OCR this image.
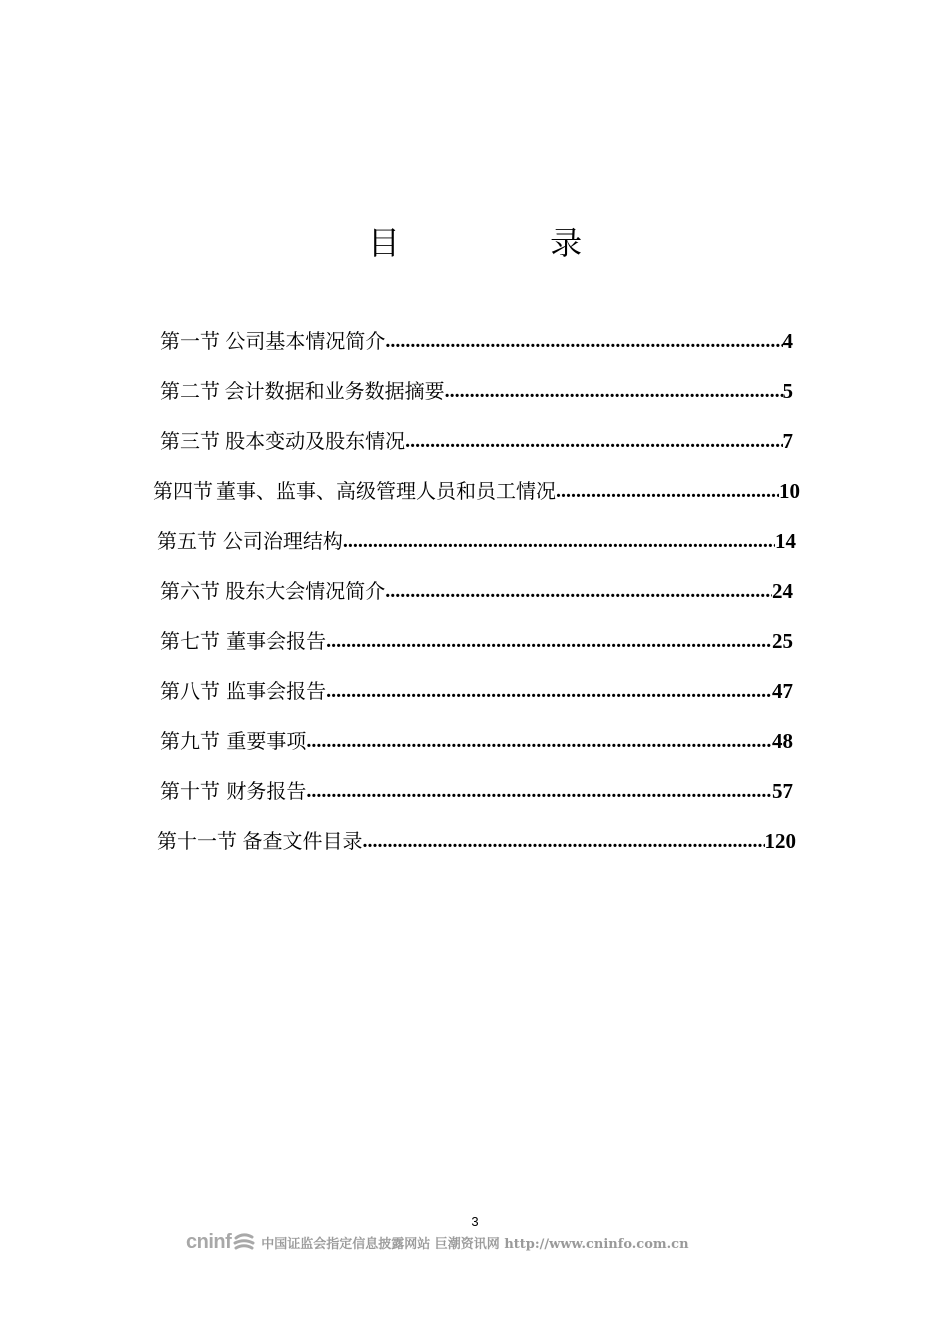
目 录
第一节 公司基本情况简介 .....	4
第二节 会计数据和业务数据摘要 .....	5
第三节 股本变动及股东情况 .....	7
第四节 董事、监事、高级管理人员和员工情况 .....	10
第五节 公司治理结构 .....	14
第六节 股东大会情况简介 .....	24
第七节 董事会报告 .....	25
第八节 监事会报告 .....	47
第九节 重要事项 .....	48
第十节 财务报告 .....	57
第十一节 备查文件目录 .....	120
3
cninf 中国证监会指定信息披露网站 巨潮资讯网 http://www.cninfo.com.cn
